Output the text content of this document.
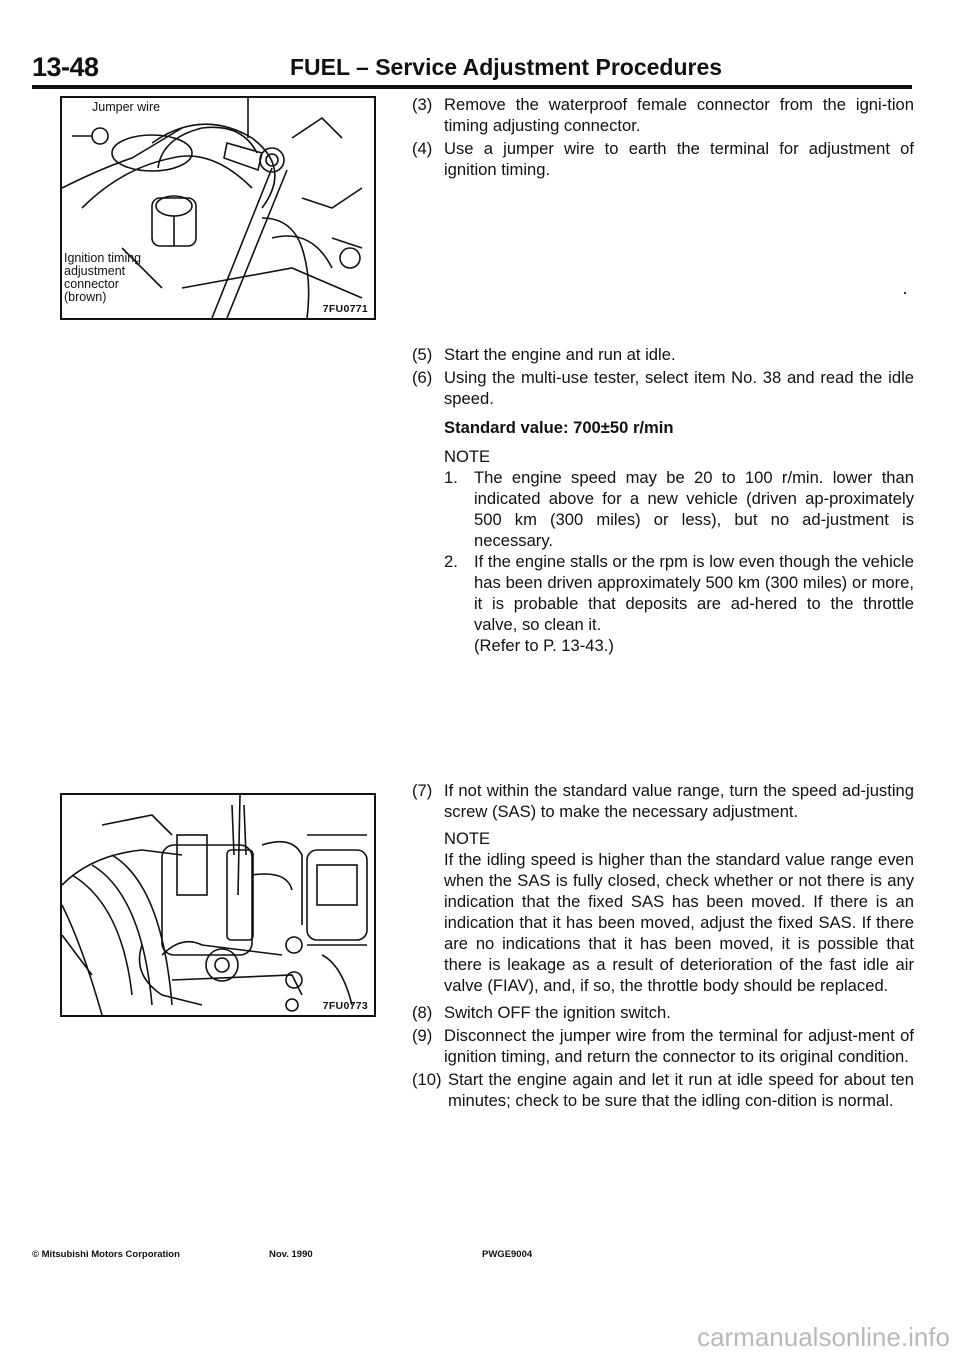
13-48	FUEL – Service Adjustment Procedures
Jumper wire
Ignition timing
adjustment
connector
(brown)
7FU0771
7FU0773
(3) Remove the waterproof female connector from the igni-tion timing adjusting connector.
(4) Use a jumper wire to earth the terminal for adjustment of ignition timing.
(5) Start the engine and run at idle.
(6) Using the multi-use tester, select item No. 38 and read the idle speed.
Standard value: 700±50 r/min
NOTE
1. The engine speed may be 20 to 100 r/min. lower than indicated above for a new vehicle (driven ap-proximately 500 km (300 miles) or less), but no ad-justment is necessary.
2. If the engine stalls or the rpm is low even though the vehicle has been driven approximately 500 km (300 miles) or more, it is probable that deposits are ad-hered to the throttle valve, so clean it.
(Refer to P. 13-43.)
(7) If not within the standard value range, turn the speed ad-justing screw (SAS) to make the necessary adjustment.
NOTE
If the idling speed is higher than the standard value range even when the SAS is fully closed, check whether or not there is any indication that the fixed SAS has been moved. If there is an indication that it has been moved, adjust the fixed SAS. If there are no indications that it has been moved, it is possible that there is leakage as a result of deterioration of the fast idle air valve (FIAV), and, if so, the throttle body should be replaced.
(8) Switch OFF the ignition switch.
(9) Disconnect the jumper wire from the terminal for adjust-ment of ignition timing, and return the connector to its original condition.
(10) Start the engine again and let it run at idle speed for about ten minutes; check to be sure that the idling con-dition is normal.
© Mitsubishi Motors Corporation	Nov. 1990	PWGE9004
carmanualsonline.info
